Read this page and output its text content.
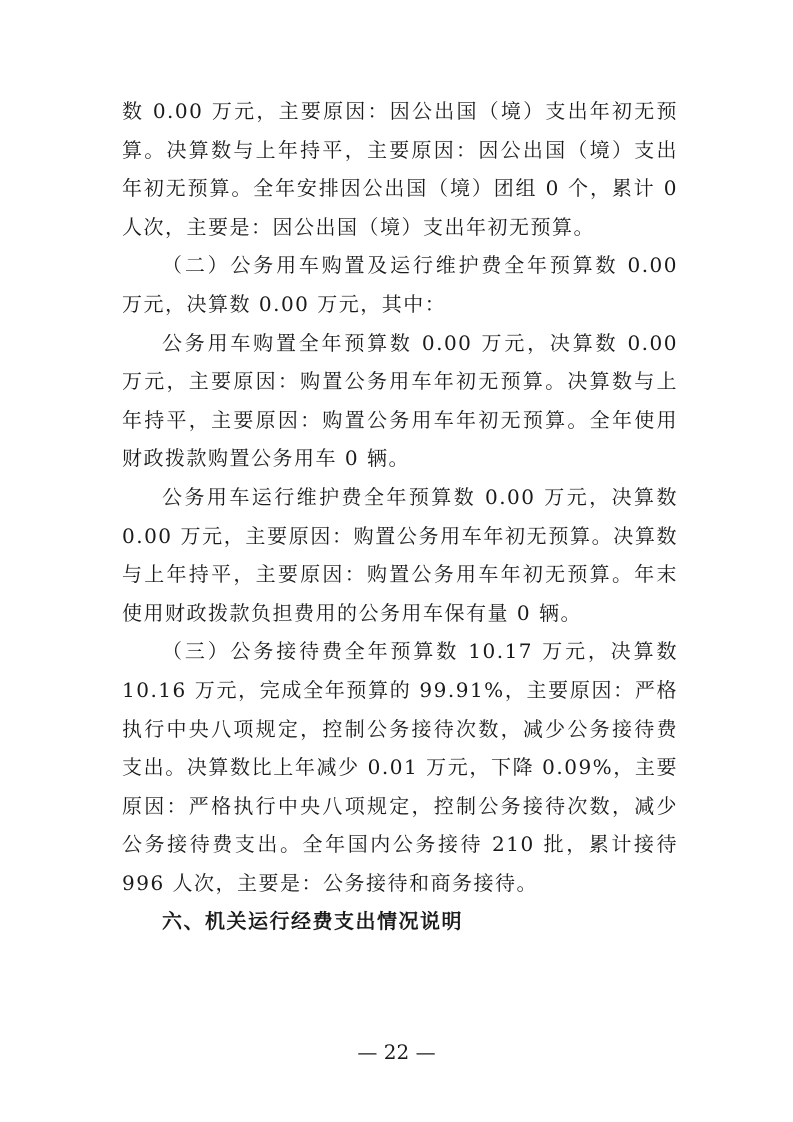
数 0.00 万元，主要原因：因公出国（境）支出年初无预算。决算数与上年持平，主要原因：因公出国（境）支出年初无预算。全年安排因公出国（境）团组 0 个，累计 0 人次，主要是：因公出国（境）支出年初无预算。

（二）公务用车购置及运行维护费全年预算数 0.00 万元，决算数 0.00 万元，其中：

公务用车购置全年预算数 0.00 万元，决算数 0.00 万元，主要原因：购置公务用车年初无预算。决算数与上年持平，主要原因：购置公务用车年初无预算。全年使用财政拨款购置公务用车 0 辆。

公务用车运行维护费全年预算数 0.00 万元，决算数 0.00 万元，主要原因：购置公务用车年初无预算。决算数与上年持平，主要原因：购置公务用车年初无预算。年末使用财政拨款负担费用的公务用车保有量 0 辆。

（三）公务接待费全年预算数 10.17 万元，决算数 10.16 万元，完成全年预算的 99.91%，主要原因：严格执行中央八项规定，控制公务接待次数，减少公务接待费支出。决算数比上年减少 0.01 万元，下降 0.09%，主要原因：严格执行中央八项规定，控制公务接待次数，减少公务接待费支出。全年国内公务接待 210 批，累计接待 996 人次，主要是：公务接待和商务接待。

六、机关运行经费支出情况说明

— 22 —
